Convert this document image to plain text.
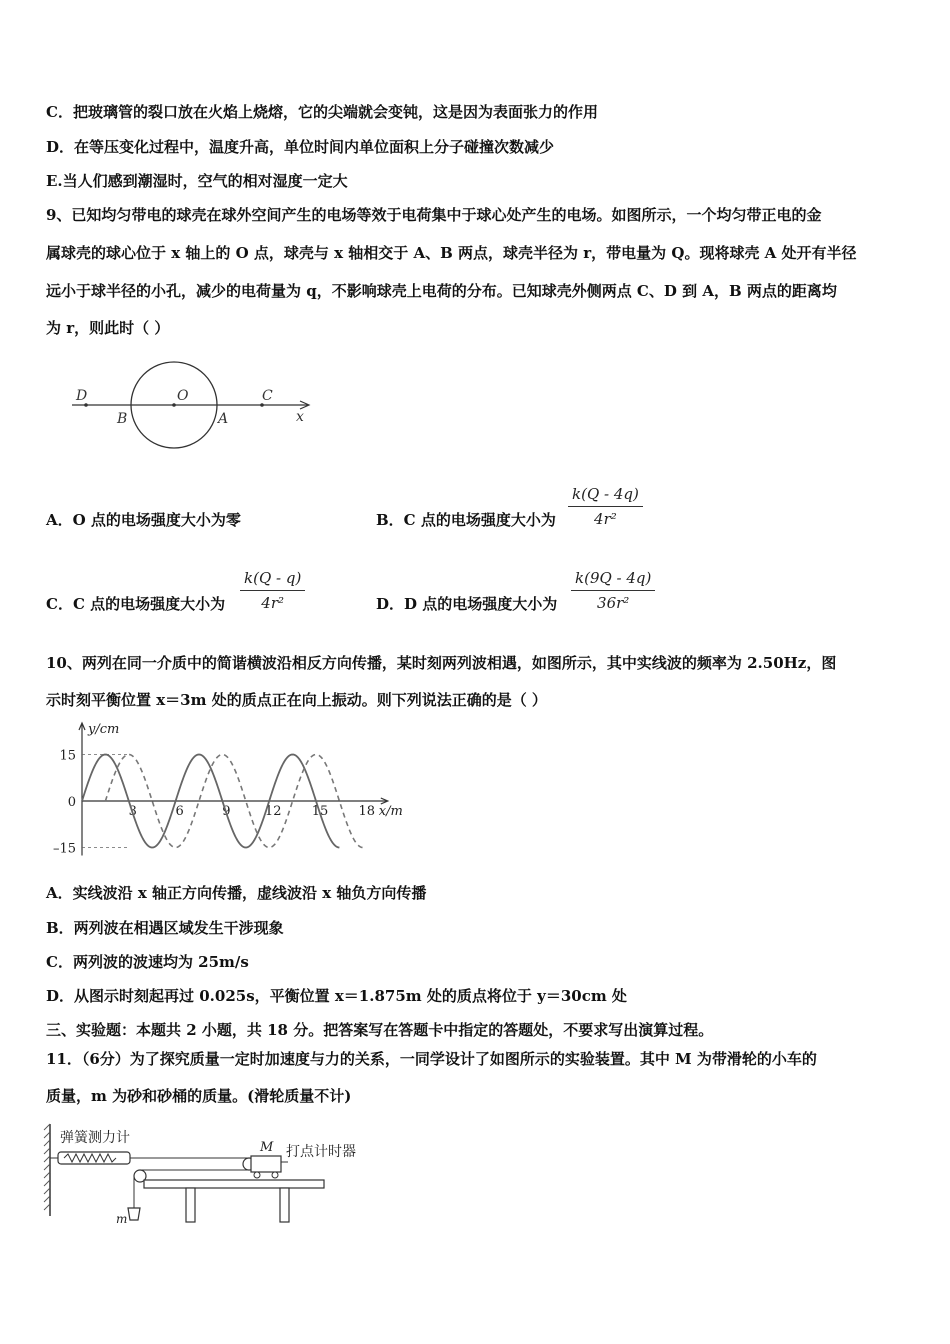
C．把玻璃管的裂口放在火焰上烧熔，它的尖端就会变钝，这是因为表面张力的作用
D．在等压变化过程中，温度升高，单位时间内单位面积上分子碰撞次数减少
E.当人们感到潮湿时，空气的相对湿度一定大
9、已知均匀带电的球壳在球外空间产生的电场等效于电荷集中于球心处产生的电场。如图所示，一个均匀带正电的金
属球壳的球心位于 x 轴上的 O 点，球壳与 x 轴相交于 A、B 两点，球壳半径为 r，带电量为 Q。现将球壳 A 处开有半径
远小于球半径的小孔，减少的电荷量为 q，不影响球壳上电荷的分布。已知球壳外侧两点 C、D 到 A，B 两点的距离均
为 r，则此时（ ）
D
B
O
A
C
x
A．O 点的电场强度大小为零	B．C 点的电场强度大小为 $\frac{k(Q - 4q)}{\text{4r²}}$
C．C 点的电场强度大小为 $\frac{k(Q - q)}{\text{4r²}}$	D．D 点的电场强度大小为 $\frac{k(9Q - 4q)}{\text{36r²}}$
10、两列在同一介质中的简谐横波沿相反方向传播，某时刻两列波相遇，如图所示，其中实线波的频率为 2.50Hz，图
示时刻平衡位置 x＝3m 处的质点正在向上振动。则下列说法正确的是（ ）
y/cm
x/m
15
0
–15
3	6	9	12 15 18
A．实线波沿 x 轴正方向传播，虚线波沿 x 轴负方向传播
B．两列波在相遇区域发生干涉现象
C．两列波的波速均为 25m/s
D．从图示时刻起再过 0.025s，平衡位置 x＝1.875m 处的质点将位于 y＝30cm 处
三、实验题：本题共 2 小题，共 18 分。把答案写在答题卡中指定的答题处，不要求写出演算过程。
11．（6分）为了探究质量一定时加速度与力的关系，一同学设计了如图所示的实验装置。其中 M 为带滑轮的小车的
质量，m 为砂和砂桶的质量。(滑轮质量不计)
弹簧测力计
m
M 打点计时器
